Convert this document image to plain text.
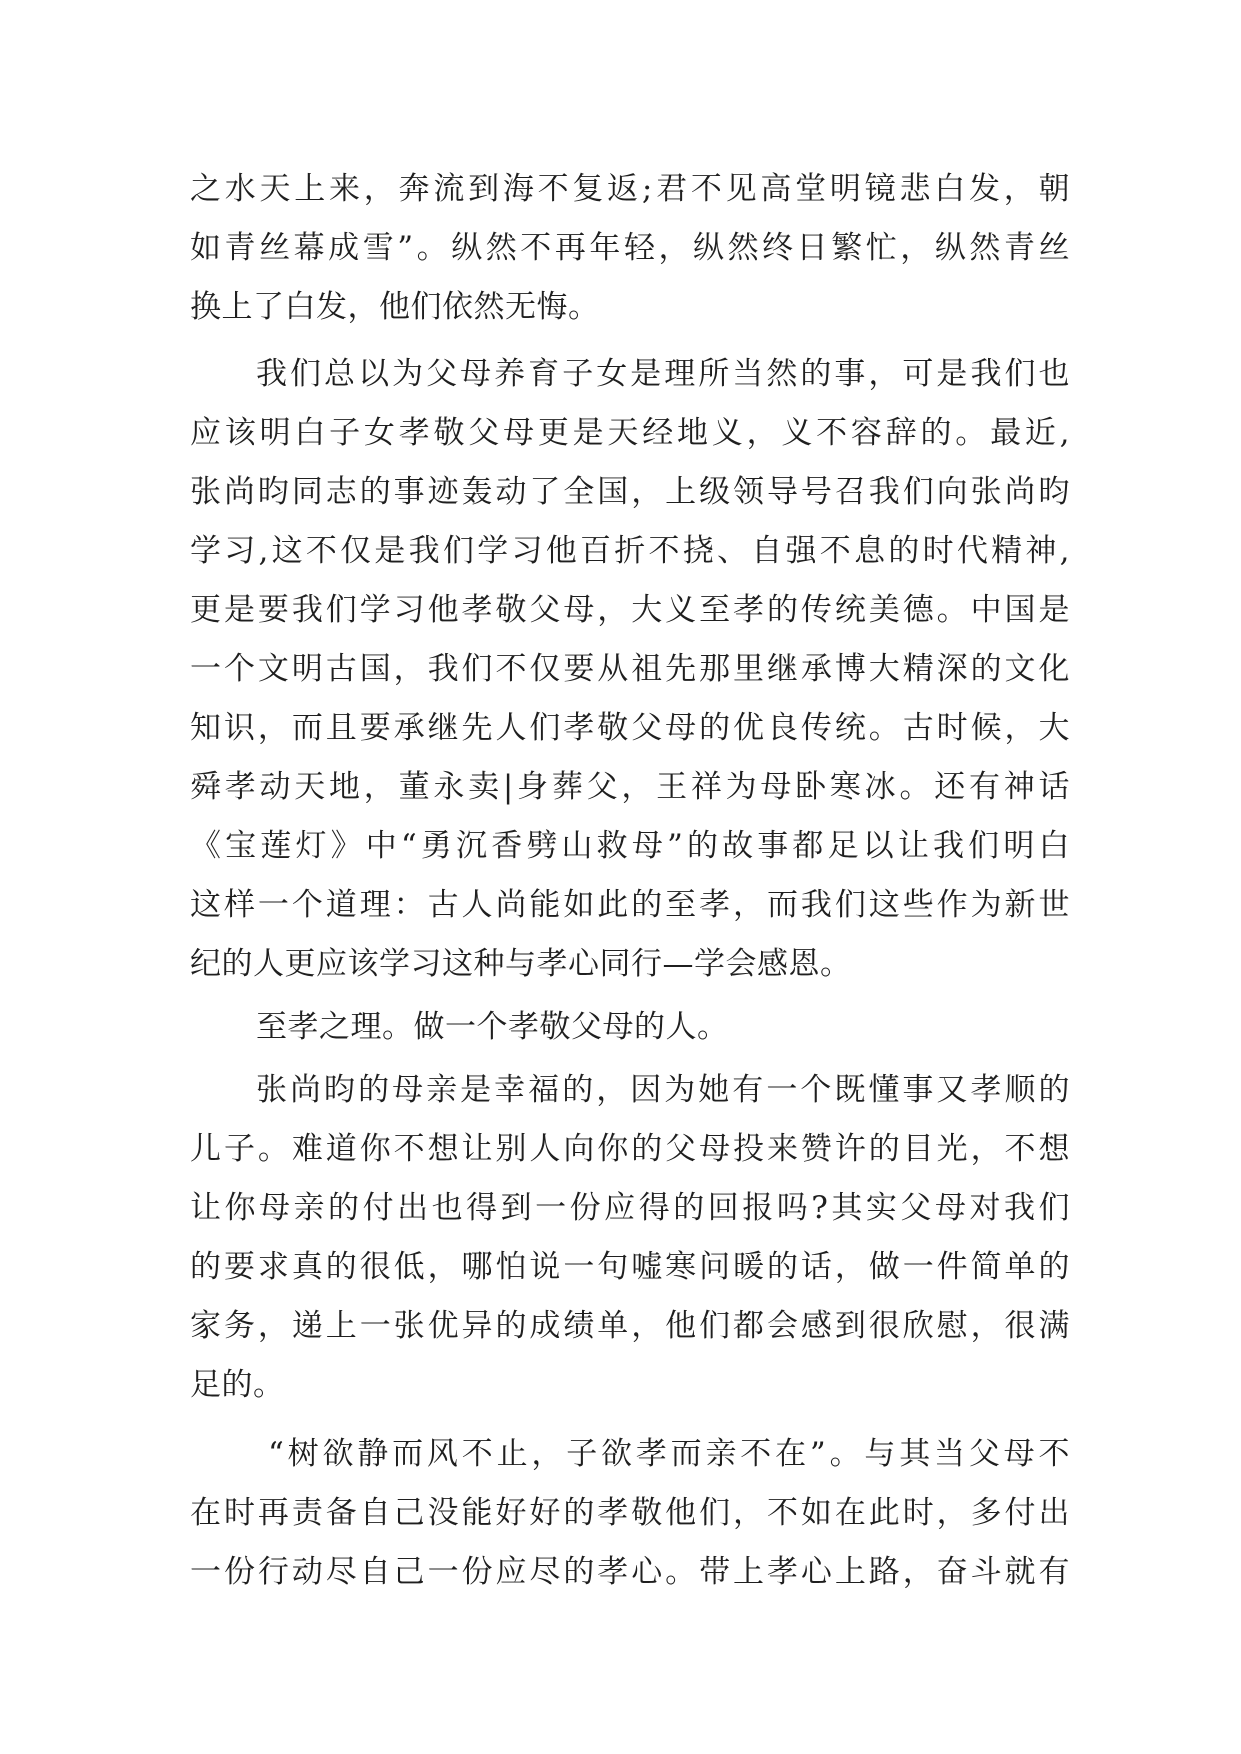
之水天上来，奔流到海不复返;君不见高堂明镜悲白发，朝
如青丝幕成雪”。纵然不再年轻，纵然终日繁忙，纵然青丝
换上了白发，他们依然无悔。
我们总以为父母养育子女是理所当然的事，可是我们也
应该明白子女孝敬父母更是天经地义，义不容辞的。最近,
张尚昀同志的事迹轰动了全国，上级领导号召我们向张尚昀
学习,这不仅是我们学习他百折不挠、自强不息的时代精神,
更是要我们学习他孝敬父母，大义至孝的传统美德。中国是
一个文明古国，我们不仅要从祖先那里继承博大精深的文化
知识，而且要承继先人们孝敬父母的优良传统。古时候，大
舜孝动天地，董永卖|身葬父，王祥为母卧寒冰。还有神话
《宝莲灯》中“勇沉香劈山救母”的故事都足以让我们明白
这样一个道理：古人尚能如此的至孝，而我们这些作为新世
纪的人更应该学习这种与孝心同行—学会感恩。
至孝之理。做一个孝敬父母的人。
张尚昀的母亲是幸福的，因为她有一个既懂事又孝顺的
儿子。难道你不想让别人向你的父母投来赞许的目光，不想
让你母亲的付出也得到一份应得的回报吗?其实父母对我们
的要求真的很低，哪怕说一句嘘寒问暖的话，做一件简单的
家务，递上一张优异的成绩单，他们都会感到很欣慰，很满
足的。
“树欲静而风不止，子欲孝而亲不在”。与其当父母不
在时再责备自己没能好好的孝敬他们，不如在此时，多付出
一份行动尽自己一份应尽的孝心。带上孝心上路，奋斗就有
